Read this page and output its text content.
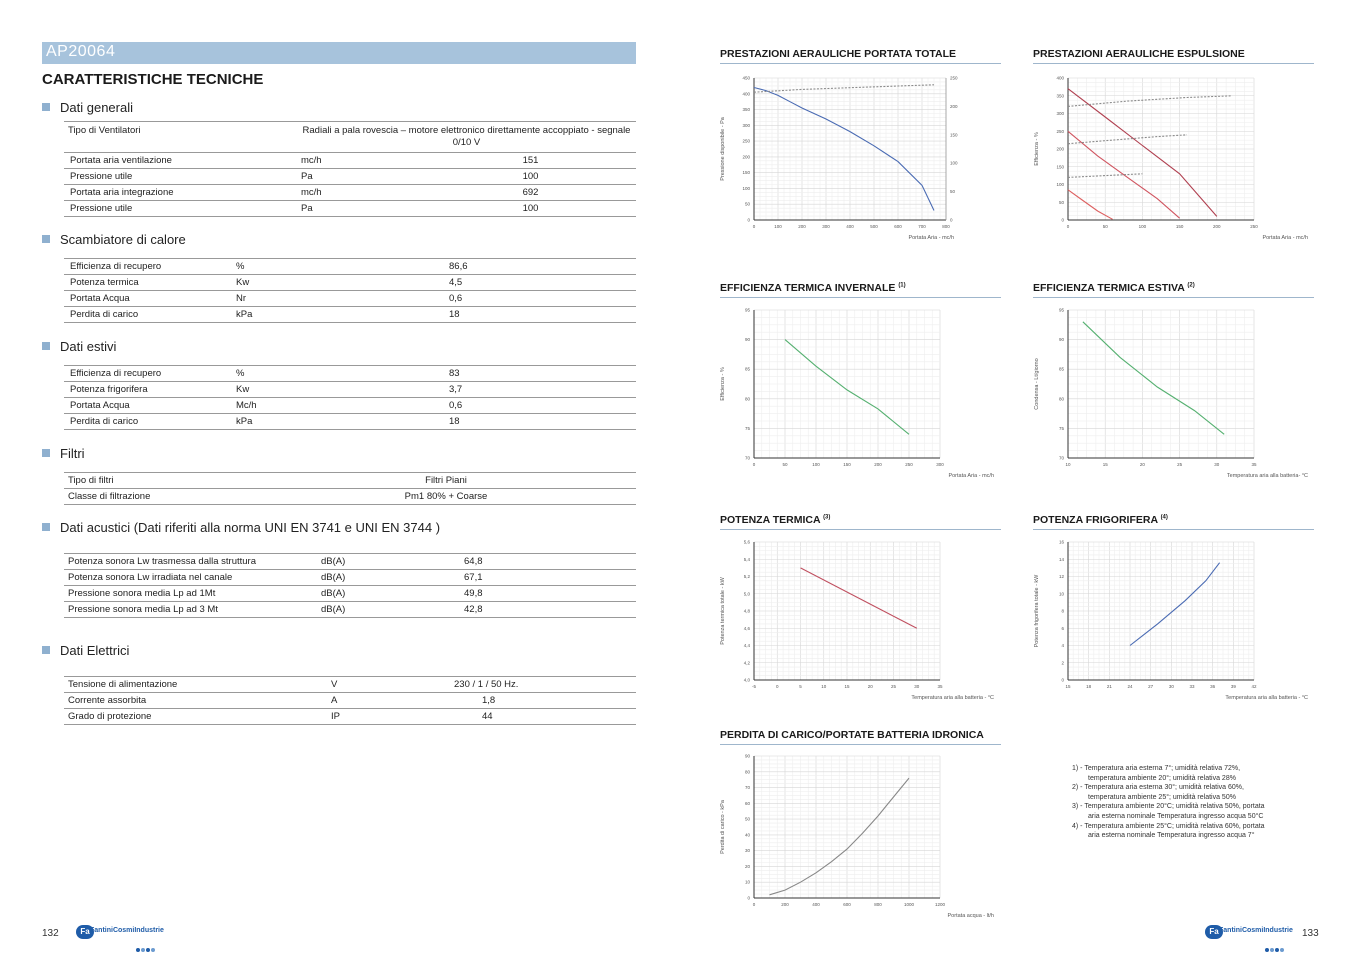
AP20064
CARATTERISTICHE TECNICHE
Dati generali
Tipo di Ventilatori	Radiali a pala rovescia – motore elettronico direttamente accoppiato - segnale 0/10 V	
Portata aria ventilazione	mc/h	151
Pressione utile	Pa	100
Portata aria integrazione	mc/h	692
Pressione utile	Pa	100
Scambiatore di calore
Efficienza di recupero	%	86,6
Potenza termica	Kw	4,5
Portata Acqua	Nr	0,6
Perdita di carico	kPa	18
Dati estivi
Efficienza di recupero	%	83
Potenza frigorifera	Kw	3,7
Portata Acqua	Mc/h	0,6
Perdita di carico	kPa	18
Filtri
Tipo di filtri	Filtri Piani
Classe di filtrazione	Pm1 80% + Coarse
Dati acustici (Dati riferiti alla norma UNI EN 3741 e UNI EN 3744 )
Potenza sonora Lw trasmessa dalla struttura	dB(A)	64,8
Potenza sonora Lw irradiata nel canale	dB(A)	67,1
Pressione sonora media Lp ad 1Mt	dB(A)	49,8
Pressione sonora media Lp ad 3 Mt	dB(A)	42,8
Dati Elettrici
Tensione di alimentazione	V	230 / 1 / 50 Hz.
Corrente assorbita	A	1,8
Grado di protezione	IP	44
PRESTAZIONI AERAULICHE PORTATA TOTALE	PRESTAZIONI AERAULICHE ESPULSIONE
EFFICIENZA TERMICA INVERNALE $^{(1)}$	EFFICIENZA TERMICA ESTIVA $^{(2)}$
POTENZA TERMICA $^{(3)}$	POTENZA FRIGORIFERA $^{(4)}$
PERDITA DI CARICO/PORTATE BATTERIA IDRONICA
0	100	200	300	400	500	600	700	800
0
50
100
150
200
250
300
350
400
450
0
50
100
150
200
250
Pressione disponibile - Pa
Portata Aria - mc/h
0	50	100	150	200	250
0
50
100
150
200
250
300
350
400
Efficienza - %
Portata Aria - mc/h
0	50	100	150	200	250	300
70
75
80
85
90
95
Efficienza - %
Portata Aria - mc/h
10	15	20	25	30	35
70
75
80
85
90
95
Condensa - Lt/giorno
Temperatura aria alla batteria- °C
-5	0	5	10	15	20	25	30	35
4,0
4,2
4,4
4,6
4,8
5,0
5,2
5,4
5,6
Potenza termica totale - kW
Temperatura aria alla batteria - °C
15	18	21	24	27	30	33	36	39	42
0
2
4
6
8
10
12
14
16
Potenza frigorifera totale - kW
Temperatura aria alla batteria - °C
0	200	400	600	800	1000	1200
0
10
20
30
40
50
60
70
80
90
Perdita di carico - kPa
Portata acqua - lt/h

1) - Temperatura aria esterna 7°; umidità relativa 72%, temperatura ambiente 20°; umidità relativa 28%

2) - Temperatura aria esterna 30°; umidità relativa 60%, temperatura ambiente 25°; umidità relativa 50%

3) - Temperatura ambiente 20°C; umidità relativa 50%, portata aria esterna nominale Temperatura ingresso acqua 50°C

4) - Temperatura ambiente 25°C; umidità relativa 60%, portata aria esterna nominale Temperatura ingresso acqua 7°

132	Fa FantiniCosmiIndustrie	Fa FantiniCosmiIndustrie 133
